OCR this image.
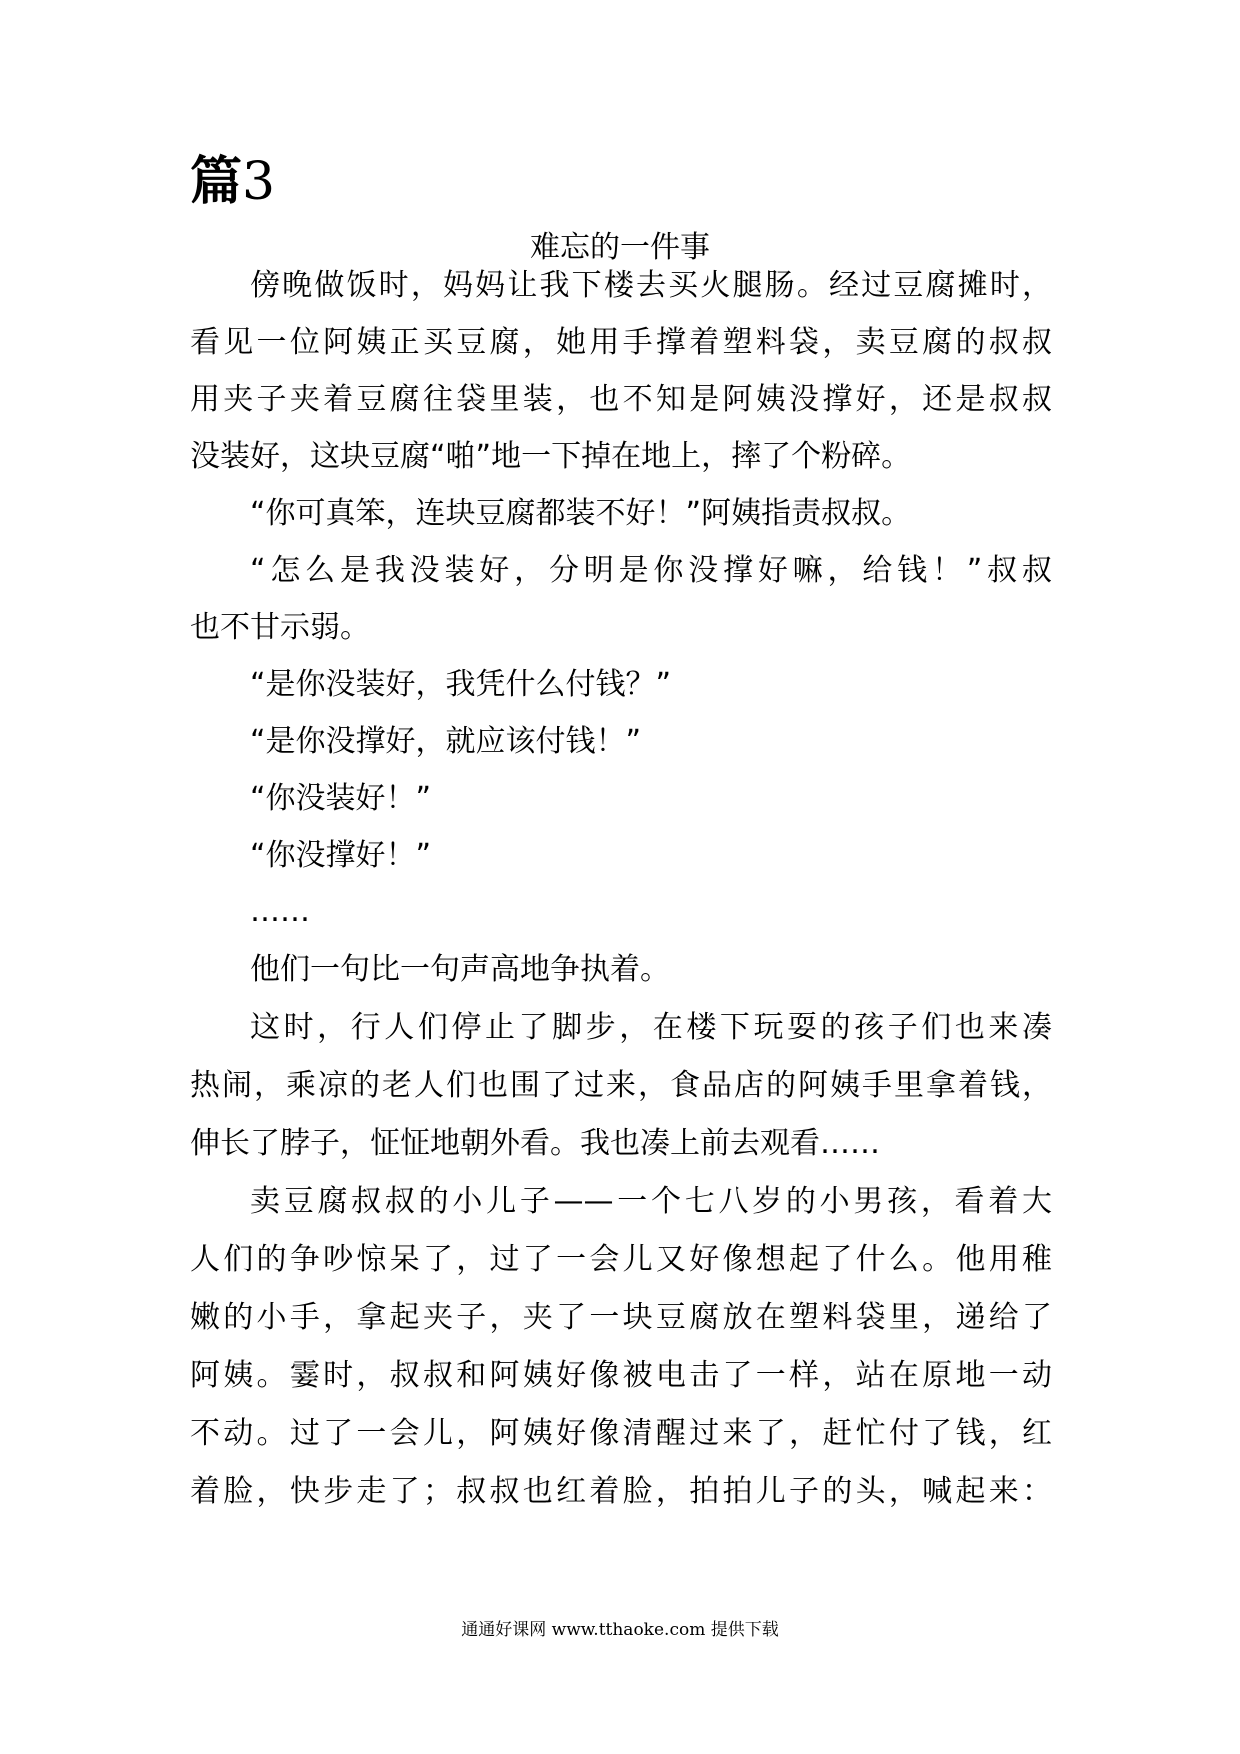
篇3
难忘的一件事
傍晚做饭时，妈妈让我下楼去买火腿肠。经过豆腐摊时，
看见一位阿姨正买豆腐，她用手撑着塑料袋，卖豆腐的叔叔
用夹子夹着豆腐往袋里装，也不知是阿姨没撑好，还是叔叔
没装好，这块豆腐“啪”地一下掉在地上，摔了个粉碎。
“你可真笨，连块豆腐都装不好！”阿姨指责叔叔。
“怎么是我没装好，分明是你没撑好嘛，给钱！”叔叔
也不甘示弱。
“是你没装好，我凭什么付钱？”
“是你没撑好，就应该付钱！”
“你没装好！”
“你没撑好！”
……
他们一句比一句声高地争执着。
这时，行人们停止了脚步，在楼下玩耍的孩子们也来凑
热闹，乘凉的老人们也围了过来，食品店的阿姨手里拿着钱，
伸长了脖子，怔怔地朝外看。我也凑上前去观看……
卖豆腐叔叔的小儿子——一个七八岁的小男孩，看着大
人们的争吵惊呆了，过了一会儿又好像想起了什么。他用稚
嫩的小手，拿起夹子，夹了一块豆腐放在塑料袋里，递给了
阿姨。霎时，叔叔和阿姨好像被电击了一样，站在原地一动
不动。过了一会儿，阿姨好像清醒过来了，赶忙付了钱，红
着脸，快步走了；叔叔也红着脸，拍拍儿子的头，喊起来：
通通好课网 www.tthaoke.com 提供下载
